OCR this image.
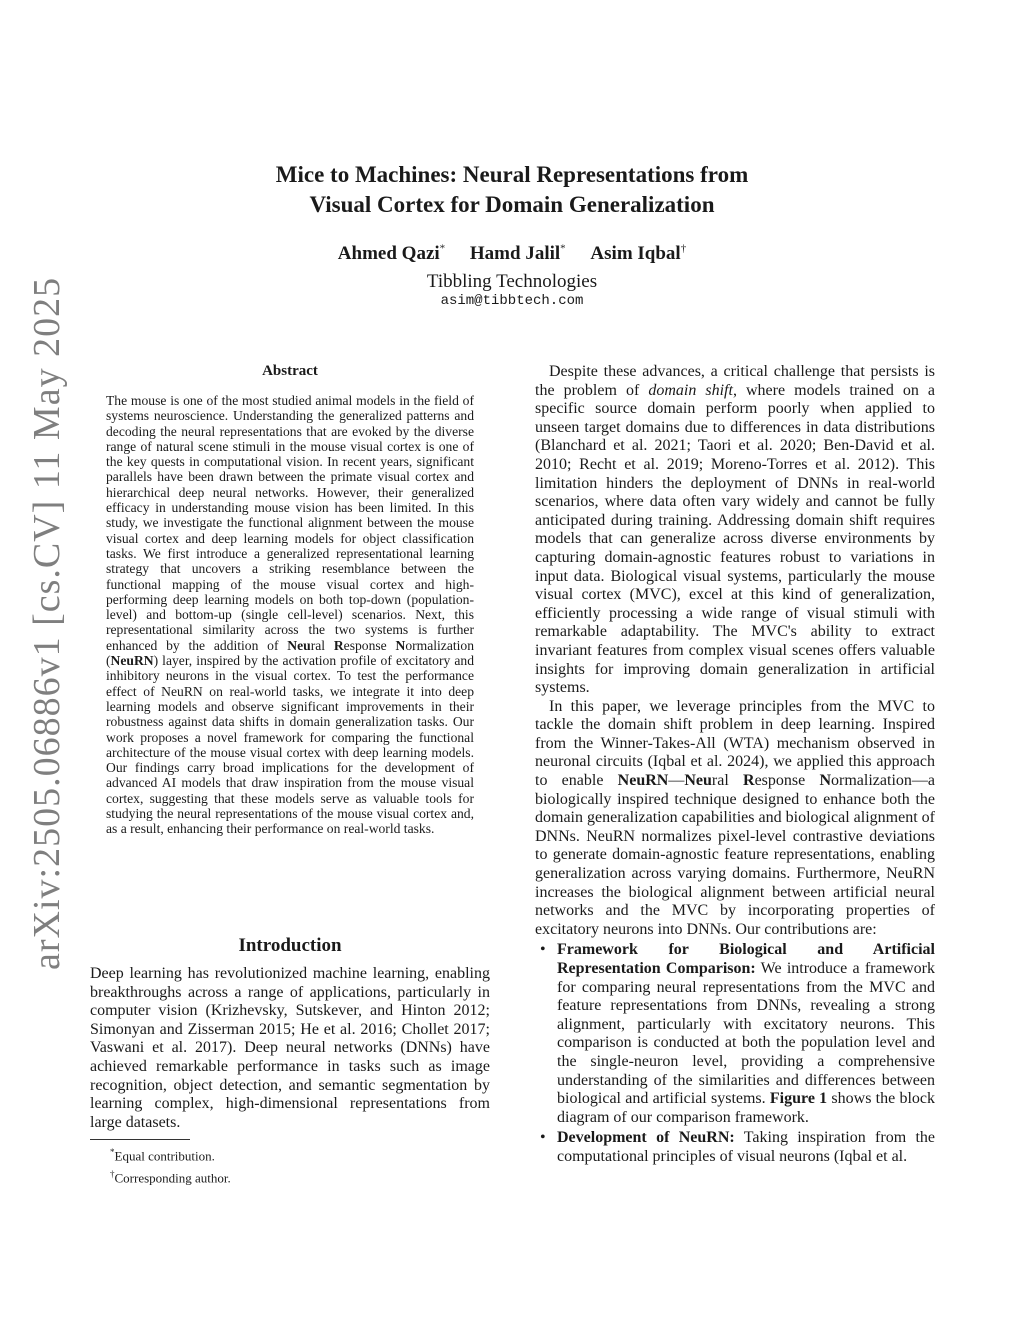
arXiv:2505.06886v1 [cs.CV] 11 May 2025
Mice to Machines: Neural Representations from
Visual Cortex for Domain Generalization
Ahmed Qazi* Hamd Jalil* Asim Iqbal†
Tibbling Technologies
asim@tibbtech.com
Abstract
The mouse is one of the most studied animal models in the field of systems neuroscience. Understanding the generalized patterns and decoding the neural representations that are evoked by the diverse range of natural scene stimuli in the mouse visual cortex is one of the key quests in computational vision. In recent years, significant parallels have been drawn between the primate visual cortex and hierarchical deep neural networks. However, their generalized efficacy in understanding mouse vision has been limited. In this study, we investigate the functional alignment between the mouse visual cortex and deep learning models for object classification tasks. We first introduce a generalized representational learning strategy that uncovers a striking resemblance between the functional mapping of the mouse visual cortex and high-performing deep learning models on both top-down (population-level) and bottom-up (single cell-level) scenarios. Next, this representational similarity across the two systems is further enhanced by the addition of Neural Response Normalization (NeuRN) layer, inspired by the activation profile of excitatory and inhibitory neurons in the visual cortex. To test the performance effect of NeuRN on real-world tasks, we integrate it into deep learning models and observe significant improvements in their robustness against data shifts in domain generalization tasks. Our work proposes a novel framework for comparing the functional architecture of the mouse visual cortex with deep learning models. Our findings carry broad implications for the development of advanced AI models that draw inspiration from the mouse visual cortex, suggesting that these models serve as valuable tools for studying the neural representations of the mouse visual cortex and, as a result, enhancing their performance on real-world tasks.
Introduction
Deep learning has revolutionized machine learning, enabling breakthroughs across a range of applications, particularly in computer vision (Krizhevsky, Sutskever, and Hinton 2012; Simonyan and Zisserman 2015; He et al. 2016; Chollet 2017; Vaswani et al. 2017). Deep neural networks (DNNs) have achieved remarkable performance in tasks such as image recognition, object detection, and semantic segmentation by learning complex, high-dimensional representations from large datasets.
*Equal contribution.
†Corresponding author.

Despite these advances, a critical challenge that persists is the problem of domain shift, where models trained on a specific source domain perform poorly when applied to unseen target domains due to differences in data distributions (Blanchard et al. 2021; Taori et al. 2020; Ben-David et al. 2010; Recht et al. 2019; Moreno-Torres et al. 2012). This limitation hinders the deployment of DNNs in real-world scenarios, where data often vary widely and cannot be fully anticipated during training. Addressing domain shift requires models that can generalize across diverse environments by capturing domain-agnostic features robust to variations in input data. Biological visual systems, particularly the mouse visual cortex (MVC), excel at this kind of generalization, efficiently processing a wide range of visual stimuli with remarkable adaptability. The MVC's ability to extract invariant features from complex visual scenes offers valuable insights for improving domain generalization in artificial systems.

In this paper, we leverage principles from the MVC to tackle the domain shift problem in deep learning. Inspired from the Winner-Takes-All (WTA) mechanism observed in neuronal circuits (Iqbal et al. 2024), we applied this approach to enable NeuRN—Neural Response Normalization—a biologically inspired technique designed to enhance both the domain generalization capabilities and biological alignment of DNNs. NeuRN normalizes pixel-level contrastive deviations to generate domain-agnostic feature representations, enabling generalization across varying domains. Furthermore, NeuRN increases the biological alignment between artificial neural networks and the MVC by incorporating properties of excitatory neurons into DNNs. Our contributions are:

• Framework for Biological and Artificial Representation Comparison: We introduce a framework for comparing neural representations from the MVC and feature representations from DNNs, revealing a strong alignment, particularly with excitatory neurons. This comparison is conducted at both the population level and the single-neuron level, providing a comprehensive understanding of the similarities and differences between biological and artificial systems. Figure 1 shows the block diagram of our comparison framework.
• Development of NeuRN: Taking inspiration from the computational principles of visual neurons (Iqbal et al.
